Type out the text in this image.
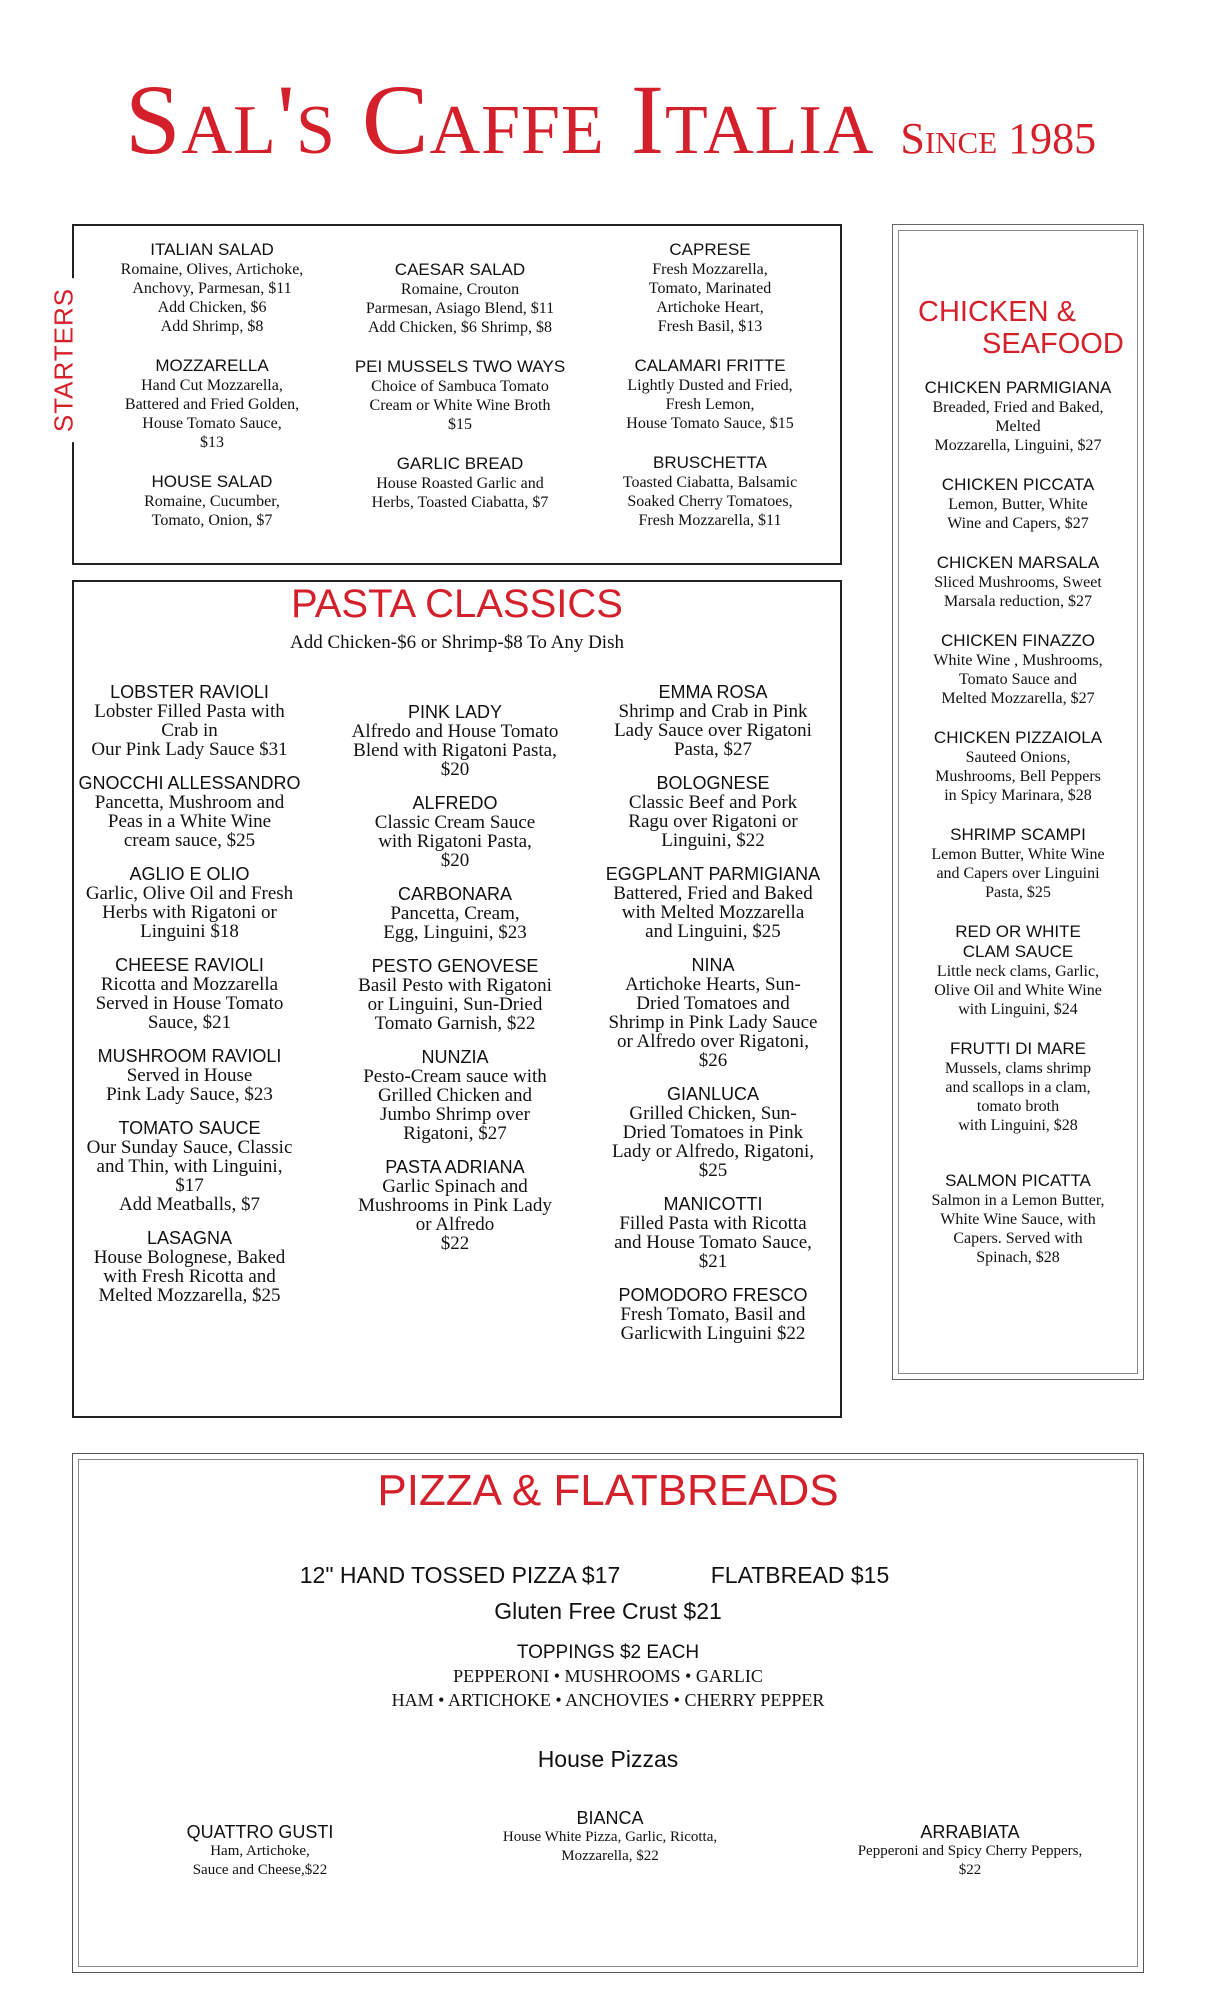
Sal's Caffe Italia Since 1985
STARTERS
ITALIAN SALAD
Romaine, Olives, Artichoke,
Anchovy, Parmesan, $11
Add Chicken, $6
Add Shrimp, $8
MOZZARELLA
Hand Cut Mozzarella,
Battered and Fried Golden,
House Tomato Sauce,
$13
HOUSE SALAD
Romaine, Cucumber,
Tomato, Onion, $7
CAESAR SALAD
Romaine, Crouton
Parmesan, Asiago Blend, $11
Add Chicken, $6 Shrimp, $8
PEI MUSSELS TWO WAYS
Choice of Sambuca Tomato
Cream or White Wine Broth
$15
GARLIC BREAD
House Roasted Garlic and
Herbs, Toasted Ciabatta, $7
CAPRESE
Fresh Mozzarella,
Tomato, Marinated
Artichoke Heart,
Fresh Basil, $13
CALAMARI FRITTE
Lightly Dusted and Fried,
Fresh Lemon,
House Tomato Sauce, $15
BRUSCHETTA
Toasted Ciabatta, Balsamic
Soaked Cherry Tomatoes,
Fresh Mozzarella, $11
PASTA CLASSICS
Add Chicken-$6 or Shrimp-$8 To Any Dish
LOBSTER RAVIOLI
Lobster Filled Pasta with
Crab in
Our Pink Lady Sauce $31
GNOCCHI ALLESSANDRO
Pancetta, Mushroom and
Peas in a White Wine
cream sauce, $25
AGLIO E OLIO
Garlic, Olive Oil and Fresh
Herbs with Rigatoni or
Linguini $18
CHEESE RAVIOLI
Ricotta and Mozzarella
Served in House Tomato
Sauce, $21
MUSHROOM RAVIOLI
Served in House
Pink Lady Sauce, $23
TOMATO SAUCE
Our Sunday Sauce, Classic
and Thin, with Linguini,
$17
Add Meatballs, $7
LASAGNA
House Bolognese, Baked
with Fresh Ricotta and
Melted Mozzarella, $25
PINK LADY
Alfredo and House Tomato
Blend with Rigatoni Pasta,
$20
ALFREDO
Classic Cream Sauce
with Rigatoni Pasta,
$20
CARBONARA
Pancetta, Cream,
Egg, Linguini, $23
PESTO GENOVESE
Basil Pesto with Rigatoni
or Linguini, Sun-Dried
Tomato Garnish, $22
NUNZIA
Pesto-Cream sauce with
Grilled Chicken and
Jumbo Shrimp over
Rigatoni, $27
PASTA ADRIANA
Garlic Spinach and
Mushrooms in Pink Lady
or Alfredo
$22
EMMA ROSA
Shrimp and Crab in Pink
Lady Sauce over Rigatoni
Pasta, $27
BOLOGNESE
Classic Beef and Pork
Ragu over Rigatoni or
Linguini, $22
EGGPLANT PARMIGIANA
Battered, Fried and Baked
with Melted Mozzarella
and Linguini, $25
NINA
Artichoke Hearts, Sun-
Dried Tomatoes and
Shrimp in Pink Lady Sauce
or Alfredo over Rigatoni,
$26
GIANLUCA
Grilled Chicken, Sun-
Dried Tomatoes in Pink
Lady or Alfredo, Rigatoni,
$25
MANICOTTI
Filled Pasta with Ricotta
and House Tomato Sauce,
$21
POMODORO FRESCO
Fresh Tomato, Basil and
Garlicwith Linguini $22
CHICKEN &
SEAFOOD
CHICKEN PARMIGIANA
Breaded, Fried and Baked,
Melted
Mozzarella, Linguini, $27
CHICKEN PICCATA
Lemon, Butter, White
Wine and Capers, $27
CHICKEN MARSALA
Sliced Mushrooms, Sweet
Marsala reduction, $27
CHICKEN FINAZZO
White Wine , Mushrooms,
Tomato Sauce and
Melted Mozzarella, $27
CHICKEN PIZZAIOLA
Sauteed Onions,
Mushrooms, Bell Peppers
in Spicy Marinara, $28
SHRIMP SCAMPI
Lemon Butter, White Wine
and Capers over Linguini
Pasta, $25
RED OR WHITE
CLAM SAUCE
Little neck clams, Garlic,
Olive Oil and White Wine
with Linguini, $24
FRUTTI DI MARE
Mussels, clams shrimp
and scallops in a clam,
tomato broth
with Linguini, $28
SALMON PICATTA
Salmon in a Lemon Butter,
White Wine Sauce, with
Capers. Served with
Spinach, $28
PIZZA & FLATBREADS
12" HAND TOSSED PIZZA $17	FLATBREAD $15
Gluten Free Crust $21
TOPPINGS $2 EACH
PEPPERONI • MUSHROOMS • GARLIC
HAM • ARTICHOKE • ANCHOVIES • CHERRY PEPPER
House Pizzas
QUATTRO GUSTI
Ham, Artichoke,
Sauce and Cheese,$22
BIANCA
House White Pizza, Garlic, Ricotta,
Mozzarella, $22
ARRABIATA
Pepperoni and Spicy Cherry Peppers,
$22
